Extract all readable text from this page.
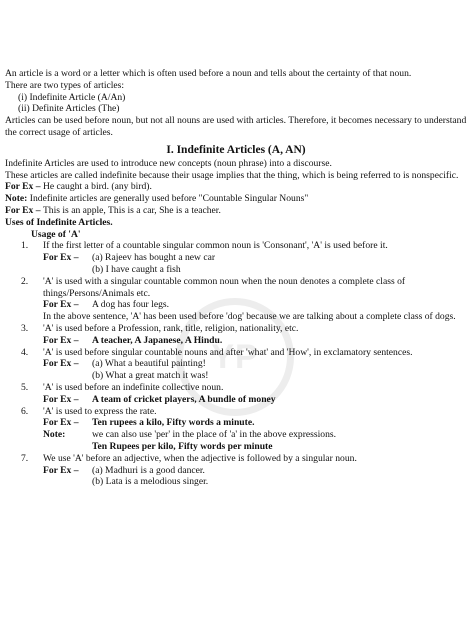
YP

An article is a word or a letter which is often used before a noun and tells about the certainty of that noun.

There are two types of articles:

(i) Indefinite Article (A/An)

(ii) Definite Articles (The)

Articles can be used before noun, but not all nouns are used with articles. Therefore, it becomes necessary to understand the correct usage of articles.

I. Indefinite Articles (A, AN)

Indefinite Articles are used to introduce new concepts (noun phrase) into a discourse.

These articles are called indefinite because their usage implies that the thing, which is being referred to is nonspecific.

For Ex – He caught a bird. (any bird).

Note: Indefinite articles are generally used before "Countable Singular Nouns"

For Ex – This is an apple, This is a car, She is a teacher.

Uses of Indefinite Articles.

Usage of 'A'

1. If the first letter of a countable singular common noun is 'Consonant', 'A' is used before it.

For Ex – (a) Rajeev has bought a new car

(b) I have caught a fish

2. 'A' is used with a singular countable common noun when the noun denotes a complete class of things/Persons/Animals etc.

For Ex – A dog has four legs.

In the above sentence, 'A' has been used before 'dog' because we are talking about a complete class of dogs.

3. 'A' is used before a Profession, rank, title, religion, nationality, etc.

For Ex – A teacher, A Japanese, A Hindu.

4. 'A' is used before singular countable nouns and after 'what' and 'How', in exclamatory sentences.

For Ex – (a) What a beautiful painting!

(b) What a great match it was!

5. 'A' is used before an indefinite collective noun.

For Ex – A team of cricket players, A bundle of money

6. 'A' is used to express the rate.

For Ex – Ten rupees a kilo, Fifty words a minute.

Note:	we can also use 'per' in the place of 'a' in the above expressions.

Ten Rupees per kilo, Fifty words per minute

7. We use 'A' before an adjective, when the adjective is followed by a singular noun.

For Ex – (a) Madhuri is a good dancer.

(b) Lata is a melodious singer.
